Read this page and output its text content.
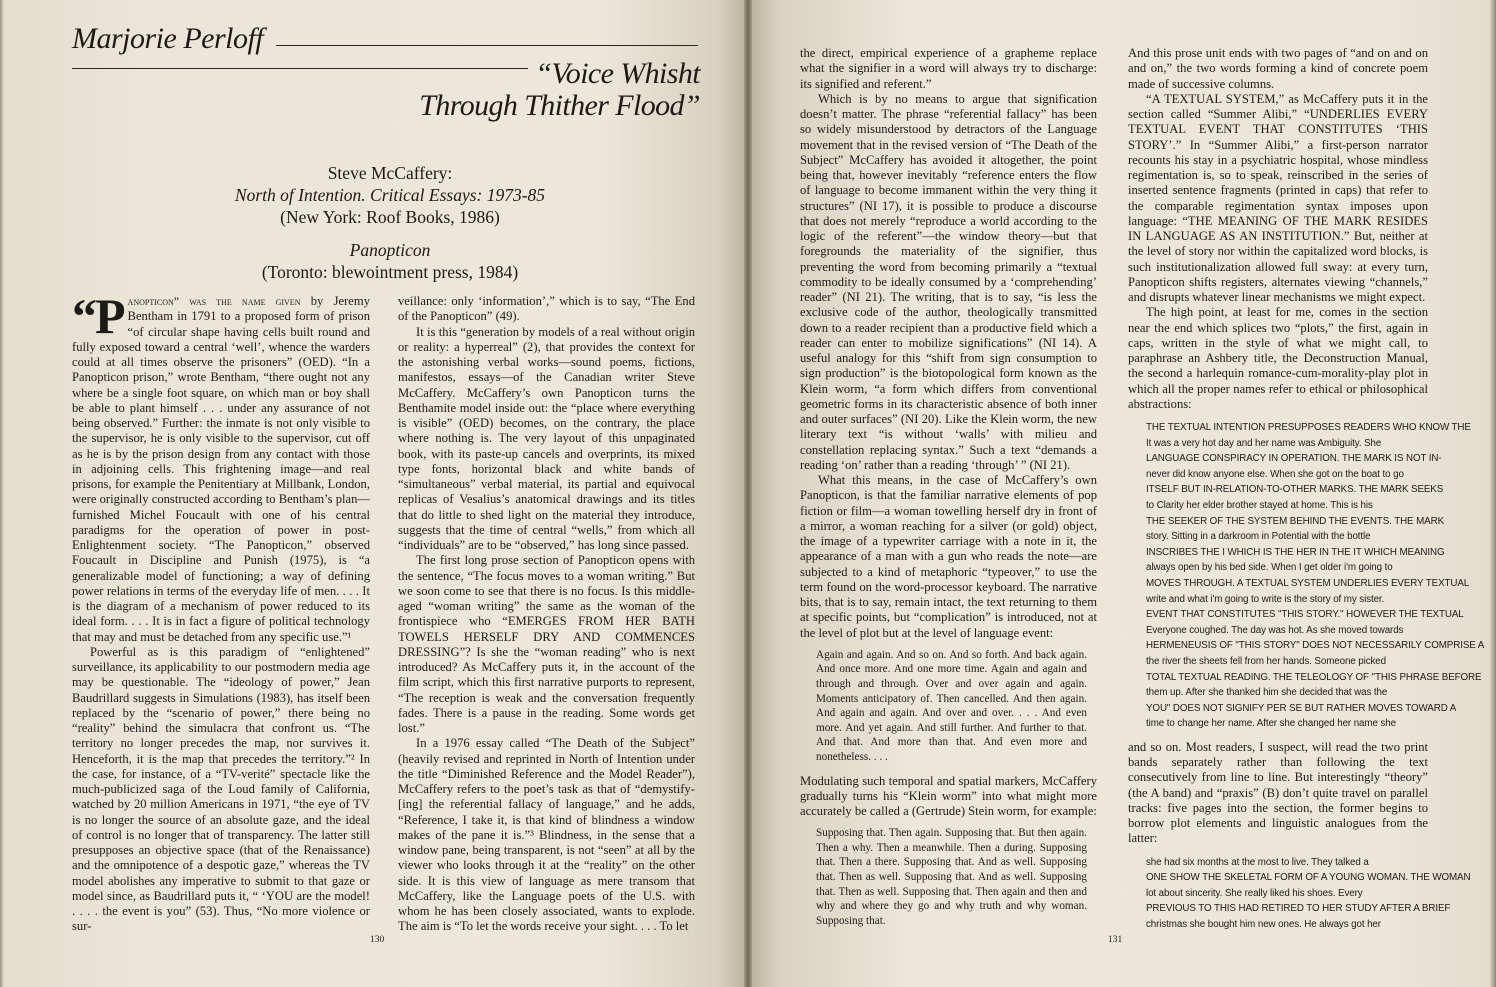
Marjorie Perloff
“Voice Whisht
Through Thither Flood”
Steve McCaffery:
North of Intention. Critical Essays: 1973-85
(New York: Roof Books, 1986)
Panopticon
(Toronto: blewointment press, 1984)

“Panopticon” was the name given by Jeremy Bentham in 1791 to a proposed form of prison “of circular shape having cells built round and fully exposed toward a central ‘well’, whence the warders could at all times observe the prisoners” (OED). “In a Panopticon prison,” wrote Bentham, “there ought not any where be a single foot square, on which man or boy shall be able to plant himself . . . under any assurance of not being observed.” Further: the inmate is not only visible to the supervisor, he is only visible to the supervisor, cut off as he is by the prison design from any contact with those in adjoining cells. This frightening image—and real prisons, for example the Penitentiary at Millbank, London, were originally constructed according to Bentham’s plan—furnished Michel Foucault with one of his central paradigms for the operation of power in post-Enlightenment society. “The Panopticon,” observed Foucault in Discipline and Punish (1975), is “a generalizable model of functioning; a way of defining power relations in terms of the everyday life of men. . . . It is the diagram of a mechanism of power reduced to its ideal form. . . . It is in fact a figure of political technology that may and must be detached from any specific use.”¹

Powerful as is this paradigm of “enlightened” surveillance, its applicability to our postmodern media age may be questionable. The “ideology of power,” Jean Baudrillard suggests in Simulations (1983), has itself been replaced by the “scenario of power,” there being no “reality” behind the simulacra that confront us. “The territory no longer precedes the map, nor survives it. Henceforth, it is the map that precedes the territory.”² In the case, for instance, of a “TV-verité” spectacle like the much-publicized saga of the Loud family of California, watched by 20 million Americans in 1971, “the eye of TV is no longer the source of an absolute gaze, and the ideal of control is no longer that of transparency. The latter still presupposes an objective space (that of the Renaissance) and the omnipotence of a despotic gaze,” whereas the TV model abolishes any imperative to submit to that gaze or model since, as Baudrillard puts it, “ ‘YOU are the model! . . . . the event is you” (53). Thus, “No more violence or sur-

veillance: only ‘information’,” which is to say, “The End of the Panopticon” (49).

It is this “generation by models of a real without origin or reality: a hyperreal” (2), that provides the context for the astonishing verbal works—sound poems, fictions, manifestos, essays—of the Canadian writer Steve McCaffery. McCaffery’s own Panopticon turns the Benthamite model inside out: the “place where everything is visible” (OED) becomes, on the contrary, the place where nothing is. The very layout of this unpaginated book, with its paste-up cancels and overprints, its mixed type fonts, horizontal black and white bands of “simultaneous” verbal material, its partial and equivocal replicas of Vesalius’s anatomical drawings and its titles that do little to shed light on the material they introduce, suggests that the time of central “wells,” from which all “individuals” are to be “observed,” has long since passed.

The first long prose section of Panopticon opens with the sentence, “The focus moves to a woman writing.” But we soon come to see that there is no focus. Is this middle-aged “woman writing” the same as the woman of the frontispiece who “EMERGES FROM HER BATH TOWELS HERSELF DRY AND COMMENCES DRESSING”? Is she the “woman reading” who is next introduced? As McCaffery puts it, in the account of the film script, which this first narrative purports to represent, “The reception is weak and the conversation frequently fades. There is a pause in the reading. Some words get lost.”

In a 1976 essay called “The Death of the Subject” (heavily revised and reprinted in North of Intention under the title “Diminished Reference and the Model Reader”), McCaffery refers to the poet’s task as that of “demystify-[ing] the referential fallacy of language,” and he adds, “Reference, I take it, is that kind of blindness a window makes of the pane it is.”³ Blindness, in the sense that a window pane, being transparent, is not “seen” at all by the viewer who looks through it at the “reality” on the other side. It is this view of language as mere transom that McCaffery, like the Language poets of the U.S. with whom he has been closely associated, wants to explode. The aim is “To let the words receive your sight. . . . To let

130

the direct, empirical experience of a grapheme replace what the signifier in a word will always try to discharge: its signified and referent.”

Which is by no means to argue that signification doesn’t matter. The phrase “referential fallacy” has been so widely misunderstood by detractors of the Language movement that in the revised version of “The Death of the Subject” McCaffery has avoided it altogether, the point being that, however inevitably “reference enters the flow of language to become immanent within the very thing it structures” (NI 17), it is possible to produce a discourse that does not merely “reproduce a world according to the logic of the referent”—the window theory—but that foregrounds the materiality of the signifier, thus preventing the word from becoming primarily a “textual commodity to be ideally consumed by a ‘comprehending’ reader” (NI 21). The writing, that is to say, “is less the exclusive code of the author, theologically transmitted down to a reader recipient than a productive field which a reader can enter to mobilize significations” (NI 14). A useful analogy for this “shift from sign consumption to sign production” is the biotopological form known as the Klein worm, “a form which differs from conventional geometric forms in its characteristic absence of both inner and outer surfaces” (NI 20). Like the Klein worm, the new literary text “is without ‘walls’ with milieu and constellation replacing syntax.” Such a text “demands a reading ‘on’ rather than a reading ‘through’ ” (NI 21).

What this means, in the case of McCaffery’s own Panopticon, is that the familiar narrative elements of pop fiction or film—a woman towelling herself dry in front of a mirror, a woman reaching for a silver (or gold) object, the image of a typewriter carriage with a note in it, the appearance of a man with a gun who reads the note—are subjected to a kind of metaphoric “typeover,” to use the term found on the word-processor keyboard. The narrative bits, that is to say, remain intact, the text returning to them at specific points, but “complication” is introduced, not at the level of plot but at the level of language event:

Again and again. And so on. And so forth. And back again. And once more. And one more time. Again and again and through and through. Over and over again and again. Moments anticipatory of. Then cancelled. And then again. And again and again. And over and over. . . . And even more. And yet again. And still further. And further to that. And that. And more than that. And even more and nonetheless. . . .

Modulating such temporal and spatial markers, McCaffery gradually turns his “Klein worm” into what might more accurately be called a (Gertrude) Stein worm, for example:

Supposing that. Then again. Supposing that. But then again. Then a why. Then a meanwhile. Then a during. Supposing that. Then a there. Supposing that. And as well. Supposing that. Then as well. Supposing that. And as well. Supposing that. Then as well. Supposing that. Then again and then and why and where they go and why truth and why woman. Supposing that.

And this prose unit ends with two pages of “and on and on and on,” the two words forming a kind of concrete poem made of successive columns.

“A TEXTUAL SYSTEM,” as McCaffery puts it in the section called “Summer Alibi,” “UNDERLIES EVERY TEXTUAL EVENT THAT CONSTITUTES ‘THIS STORY’.” In “Summer Alibi,” a first-person narrator recounts his stay in a psychiatric hospital, whose mindless regimentation is, so to speak, reinscribed in the series of inserted sentence fragments (printed in caps) that refer to the comparable regimentation syntax imposes upon language: “THE MEANING OF THE MARK RESIDES IN LANGUAGE AS AN INSTITUTION.” But, neither at the level of story nor within the capitalized word blocks, is such institutionalization allowed full sway: at every turn, Panopticon shifts registers, alternates viewing “channels,” and disrupts whatever linear mechanisms we might expect.

The high point, at least for me, comes in the section near the end which splices two “plots,” the first, again in caps, written in the style of what we might call, to paraphrase an Ashbery title, the Deconstruction Manual, the second a harlequin romance-cum-morality-play plot in which all the proper names refer to ethical or philosophical abstractions:

THE TEXTUAL INTENTION PRESUPPOSES READERS WHO KNOW THE
It was a very hot day and her name was Ambiguity. She
LANGUAGE CONSPIRACY IN OPERATION. THE MARK IS NOT IN-
never did know anyone else. When she got on the boat to go
ITSELF BUT IN-RELATION-TO-OTHER MARKS. THE MARK SEEKS
to Clarity her elder brother stayed at home. This is his
THE SEEKER OF THE SYSTEM BEHIND THE EVENTS. THE MARK
story. Sitting in a darkroom in Potential with the bottle
INSCRIBES THE I WHICH IS THE HER IN THE IT WHICH MEANING
always open by his bed side. When I get older i'm going to
MOVES THROUGH. A TEXTUAL SYSTEM UNDERLIES EVERY TEXTUAL
write and what i'm going to write is the story of my sister.
EVENT THAT CONSTITUTES "THIS STORY." HOWEVER THE TEXTUAL
Everyone coughed. The day was hot. As she moved towards
HERMENEUSIS OF "THIS STORY" DOES NOT NECESSARILY COMPRISE A
the river the sheets fell from her hands. Someone picked
TOTAL TEXTUAL READING. THE TELEOLOGY OF "THIS PHRASE BEFORE
them up. After she thanked him she decided that was the
YOU" DOES NOT SIGNIFY PER SE BUT RATHER MOVES TOWARD A
time to change her name. After she changed her name she

and so on. Most readers, I suspect, will read the two print bands separately rather than following the text consecutively from line to line. But interestingly “theory” (the A band) and “praxis” (B) don’t quite travel on parallel tracks: five pages into the section, the former begins to borrow plot elements and linguistic analogues from the latter:

she had six months at the most to live. They talked a
ONE SHOW THE SKELETAL FORM OF A YOUNG WOMAN. THE WOMAN
lot about sincerity. She really liked his shoes. Every
PREVIOUS TO THIS HAD RETIRED TO HER STUDY AFTER A BRIEF
christmas she bought him new ones. He always got her
131
